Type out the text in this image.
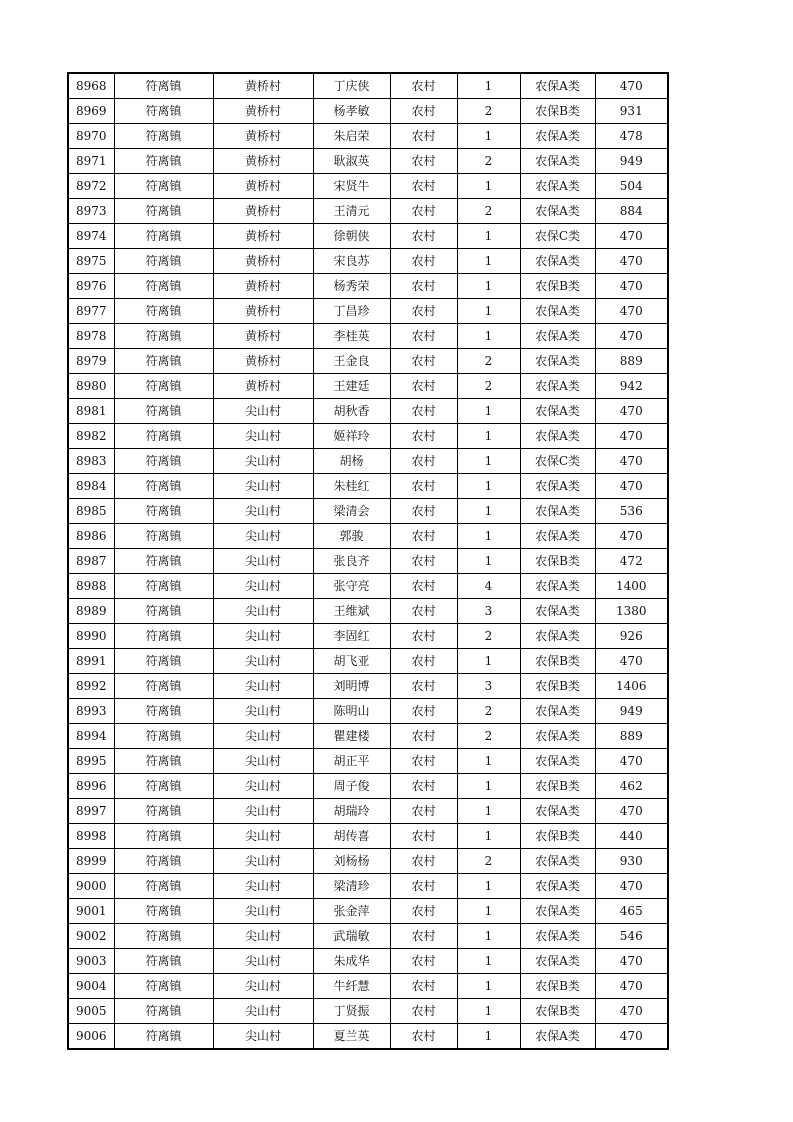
8968	符离镇	黄桥村	丁庆侠	农村	1	农保A类	470
8969	符离镇	黄桥村	杨孝敏	农村	2	农保B类	931
8970	符离镇	黄桥村	朱启荣	农村	1	农保A类	478
8971	符离镇	黄桥村	耿淑英	农村	2	农保A类	949
8972	符离镇	黄桥村	宋贤牛	农村	1	农保A类	504
8973	符离镇	黄桥村	王清元	农村	2	农保A类	884
8974	符离镇	黄桥村	徐朝侠	农村	1	农保C类	470
8975	符离镇	黄桥村	宋良苏	农村	1	农保A类	470
8976	符离镇	黄桥村	杨秀荣	农村	1	农保B类	470
8977	符离镇	黄桥村	丁昌珍	农村	1	农保A类	470
8978	符离镇	黄桥村	李桂英	农村	1	农保A类	470
8979	符离镇	黄桥村	王金良	农村	2	农保A类	889
8980	符离镇	黄桥村	王建廷	农村	2	农保A类	942
8981	符离镇	尖山村	胡秋香	农村	1	农保A类	470
8982	符离镇	尖山村	姬祥玲	农村	1	农保A类	470
8983	符离镇	尖山村	胡杨	农村	1	农保C类	470
8984	符离镇	尖山村	朱桂红	农村	1	农保A类	470
8985	符离镇	尖山村	梁清会	农村	1	农保A类	536
8986	符离镇	尖山村	郭骏	农村	1	农保A类	470
8987	符离镇	尖山村	张良齐	农村	1	农保B类	472
8988	符离镇	尖山村	张守亮	农村	4	农保A类	1400
8989	符离镇	尖山村	王维斌	农村	3	农保A类	1380
8990	符离镇	尖山村	李固红	农村	2	农保A类	926
8991	符离镇	尖山村	胡飞亚	农村	1	农保B类	470
8992	符离镇	尖山村	刘明博	农村	3	农保B类	1406
8993	符离镇	尖山村	陈明山	农村	2	农保A类	949
8994	符离镇	尖山村	瞿建楼	农村	2	农保A类	889
8995	符离镇	尖山村	胡正平	农村	1	农保A类	470
8996	符离镇	尖山村	周子俊	农村	1	农保B类	462
8997	符离镇	尖山村	胡瑞玲	农村	1	农保A类	470
8998	符离镇	尖山村	胡传喜	农村	1	农保B类	440
8999	符离镇	尖山村	刘杨杨	农村	2	农保A类	930
9000	符离镇	尖山村	梁清珍	农村	1	农保A类	470
9001	符离镇	尖山村	张金萍	农村	1	农保A类	465
9002	符离镇	尖山村	武瑞敏	农村	1	农保A类	546
9003	符离镇	尖山村	朱成华	农村	1	农保A类	470
9004	符离镇	尖山村	牛纤慧	农村	1	农保B类	470
9005	符离镇	尖山村	丁贤振	农村	1	农保B类	470
9006	符离镇	尖山村	夏兰英	农村	1	农保A类	470
